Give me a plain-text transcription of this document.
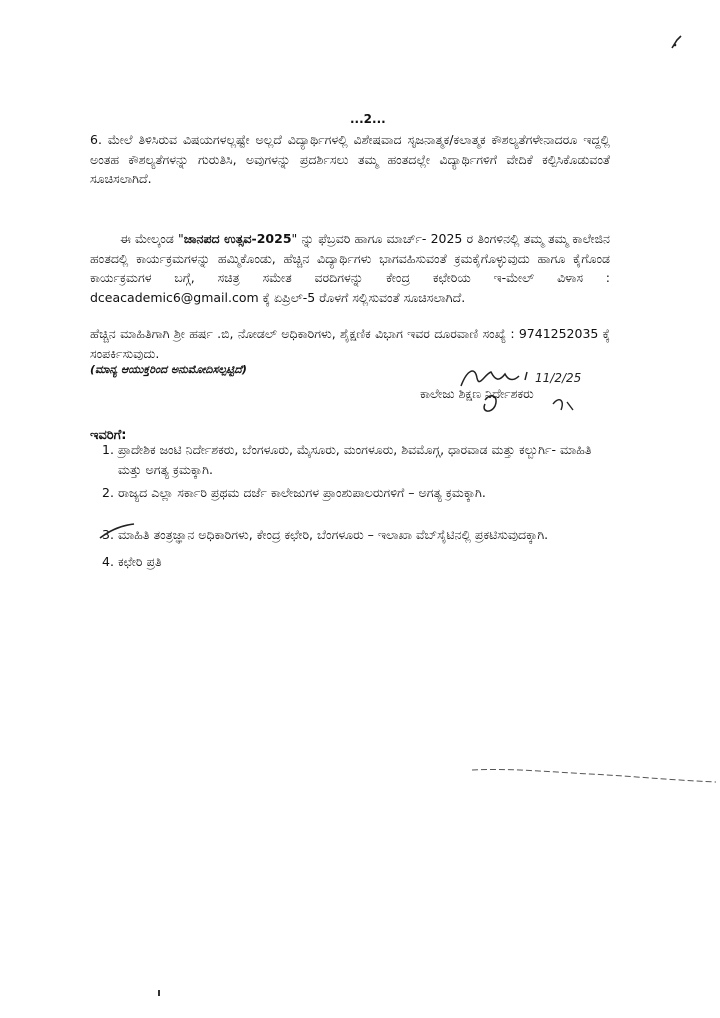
...2...
6. ಮೇಲೆ ತಿಳಿಸಿರುವ ವಿಷಯಗಳಲ್ಲಷ್ಟೇ ಅಲ್ಲದೆ ವಿದ್ಯಾರ್ಥಿಗಳಲ್ಲಿ ವಿಶೇಷವಾದ ಸೃಜನಾತ್ಮಕ/ಕಲಾತ್ಮಕ ಕೌಶಲ್ಯತೆಗಳೇನಾದರೂ ಇದ್ದಲ್ಲಿ ಅಂತಹ ಕೌಶಲ್ಯತೆಗಳನ್ನು ಗುರುತಿಸಿ, ಅವುಗಳನ್ನು ಪ್ರದರ್ಶಿಸಲು ತಮ್ಮ ಹಂತದಲ್ಲೇ ವಿದ್ಯಾರ್ಥಿಗಳಿಗೆ ವೇದಿಕೆ ಕಲ್ಪಿಸಿಕೊಡುವಂತೆ ಸೂಚಿಸಲಾಗಿದೆ.
ಈ ಮೇಲ್ಕಂಡ "ಜಾನಪದ ಉತ್ಸವ-2025" ನ್ನು ಫೆಬ್ರವರಿ ಹಾಗೂ ಮಾರ್ಚ್- 2025 ರ ತಿಂಗಳಿನಲ್ಲಿ ತಮ್ಮ ತಮ್ಮ ಕಾಲೇಜಿನ ಹಂತದಲ್ಲಿ ಕಾರ್ಯಕ್ರಮಗಳನ್ನು ಹಮ್ಮಿಕೊಂಡು, ಹೆಚ್ಚಿನ ವಿದ್ಯಾರ್ಥಿಗಳು ಭಾಗವಹಿಸುವಂತೆ ಕ್ರಮಕೈಗೊಳ್ಳುವುದು ಹಾಗೂ ಕೈಗೊಂಡ ಕಾರ್ಯಕ್ರಮಗಳ ಬಗ್ಗೆ, ಸಚಿತ್ರ ಸಮೇತ ವರದಿಗಳನ್ನು ಕೇಂದ್ರ ಕಛೇರಿಯ ಇ-ಮೇಲ್ ವಿಳಾಸ : dceacademic6@gmail.com ಕ್ಕೆ ಏಪ್ರಿಲ್-5 ರೊಳಗೆ ಸಲ್ಲಿಸುವಂತೆ ಸೂಚಿಸಲಾಗಿದೆ.
ಹೆಚ್ಚಿನ ಮಾಹಿತಿಗಾಗಿ ಶ್ರೀ ಹರ್ಷ .ಬಿ, ನೋಡಲ್ ಅಧಿಕಾರಿಗಳು, ಶೈಕ್ಷಣಿಕ ವಿಭಾಗ ಇವರ ದೂರವಾಣಿ ಸಂಖ್ಯೆ : 9741252035 ಕ್ಕೆ ಸಂಪರ್ಕಿಸುವುದು.
(ಮಾನ್ಯ ಆಯುಕ್ತರಿಂದ ಅನುಮೋದಿಸಲ್ಪಟ್ಟಿದೆ)
11/2/25
ಕಾಲೇಜು ಶಿಕ್ಷಣ ನಿರ್ದೇಶಕರು
ಇವರಿಗೆ:
1. ಪ್ರಾದೇಶಿಕ ಜಂಟಿ ನಿರ್ದೇಶಕರು, ಬೆಂಗಳೂರು, ಮೈಸೂರು, ಮಂಗಳೂರು, ಶಿವಮೊಗ್ಗ, ಧಾರವಾಡ ಮತ್ತು ಕಲ್ಬುರ್ಗಿ- ಮಾಹಿತಿ ಮತ್ತು ಅಗತ್ಯ ಕ್ರಮಕ್ಕಾಗಿ.
2. ರಾಜ್ಯದ ಎಲ್ಲಾ ಸರ್ಕಾರಿ ಪ್ರಥಮ ದರ್ಜೆ ಕಾಲೇಜುಗಳ ಪ್ರಾಂಶುಪಾಲರುಗಳಿಗೆ – ಅಗತ್ಯ ಕ್ರಮಕ್ಕಾಗಿ.
3. ಮಾಹಿತಿ ತಂತ್ರಜ್ಞಾನ ಅಧಿಕಾರಿಗಳು, ಕೇಂದ್ರ ಕಛೇರಿ, ಬೆಂಗಳೂರು – ಇಲಾಖಾ ವೆಬ್‌ಸೈಟಿನಲ್ಲಿ ಪ್ರಕಟಿಸುವುದಕ್ಕಾಗಿ.
4. ಕಛೇರಿ ಪ್ರತಿ
